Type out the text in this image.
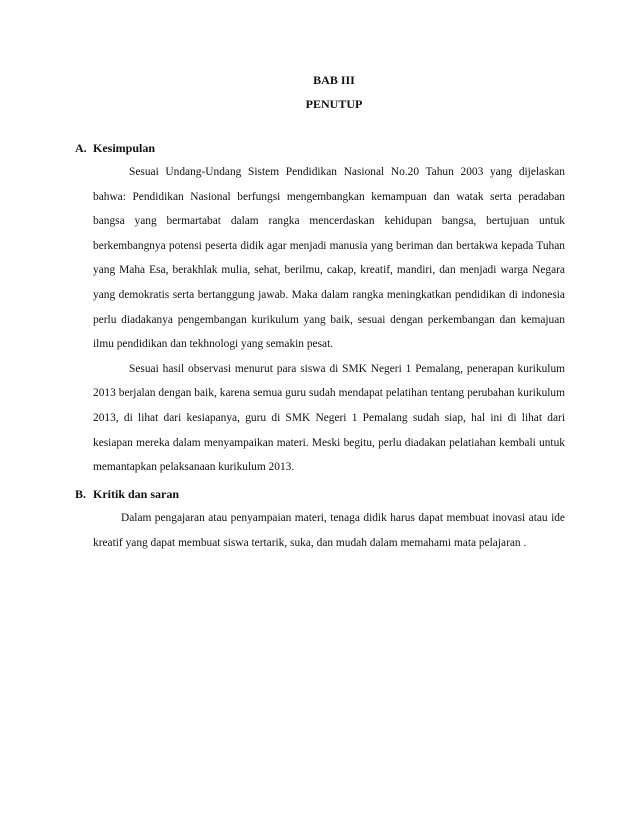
BAB III
PENUTUP
A. Kesimpulan

Sesuai Undang-Undang Sistem Pendidikan Nasional No.20 Tahun 2003 yang dijelaskan bahwa: Pendidikan Nasional berfungsi mengembangkan kemampuan dan watak serta peradaban bangsa yang bermartabat dalam rangka mencerdaskan kehidupan bangsa, bertujuan untuk berkembangnya potensi peserta didik agar menjadi manusia yang beriman dan bertakwa kepada Tuhan yang Maha Esa, berakhlak mulia, sehat, berilmu, cakap, kreatif, mandiri, dan menjadi warga Negara yang demokratis serta bertanggung jawab. Maka dalam rangka meningkatkan pendidikan di indonesia perlu diadakanya pengembangan kurikulum yang baik, sesuai dengan perkembangan dan kemajuan ilmu pendidikan dan tekhnologi yang semakin pesat.

Sesuai hasil observasi menurut para siswa di SMK Negeri 1 Pemalang, penerapan kurikulum 2013 berjalan dengan baik, karena semua guru sudah mendapat pelatihan tentang perubahan kurikulum 2013, di lihat dari kesiapanya, guru di SMK Negeri 1 Pemalang sudah siap, hal ini di lihat dari kesiapan mereka dalam menyampaikan materi. Meski begitu, perlu diadakan pelatiahan kembali untuk memantapkan pelaksanaan kurikulum 2013.

B. Kritik dan saran

Dalam pengajaran atau penyampaian materi, tenaga didik harus dapat membuat inovasi atau ide kreatif yang dapat membuat siswa tertarik, suka, dan mudah dalam memahami mata pelajaran .
